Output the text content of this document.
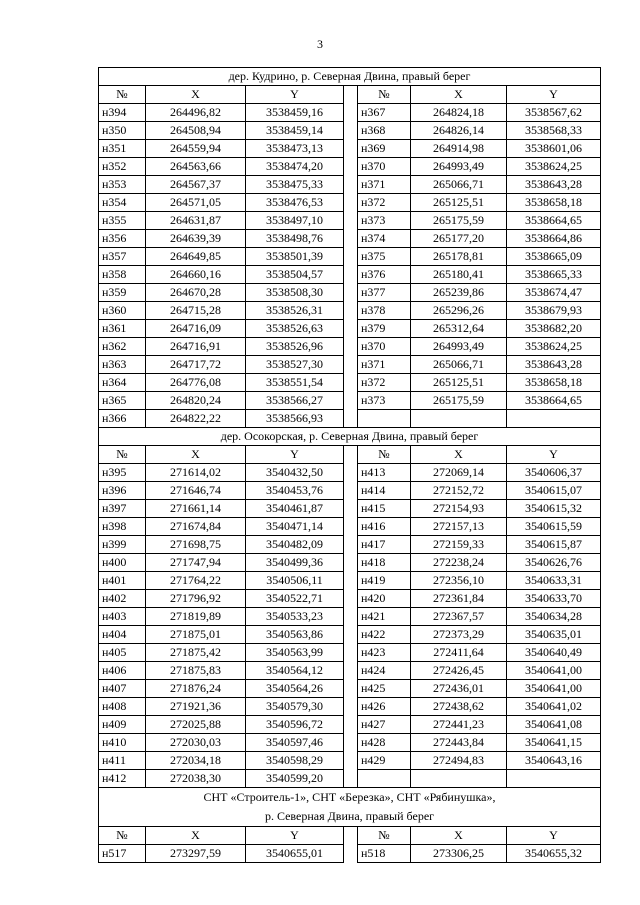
3
дер. Кудрино, р. Северная Двина, правый берег						
№	X	Y		№	X	Y
н394	264496,82	3538459,16		н367	264824,18	3538567,62
н350	264508,94	3538459,14		н368	264826,14	3538568,33
н351	264559,94	3538473,13		н369	264914,98	3538601,06
н352	264563,66	3538474,20		н370	264993,49	3538624,25
н353	264567,37	3538475,33		н371	265066,71	3538643,28
н354	264571,05	3538476,53		н372	265125,51	3538658,18
н355	264631,87	3538497,10		н373	265175,59	3538664,65
н356	264639,39	3538498,76		н374	265177,20	3538664,86
н357	264649,85	3538501,39		н375	265178,81	3538665,09
н358	264660,16	3538504,57		н376	265180,41	3538665,33
н359	264670,28	3538508,30		н377	265239,86	3538674,47
н360	264715,28	3538526,31		н378	265296,26	3538679,93
н361	264716,09	3538526,63		н379	265312,64	3538682,20
н362	264716,91	3538526,96		н370	264993,49	3538624,25
н363	264717,72	3538527,30		н371	265066,71	3538643,28
н364	264776,08	3538551,54		н372	265125,51	3538658,18
н365	264820,24	3538566,27		н373	265175,59	3538664,65
н366	264822,22	3538566,93				
дер. Осокорская, р. Северная Двина, правый берег						
№	X	Y		№	X	Y
н395	271614,02	3540432,50		н413	272069,14	3540606,37
н396	271646,74	3540453,76		н414	272152,72	3540615,07
н397	271661,14	3540461,87		н415	272154,93	3540615,32
н398	271674,84	3540471,14		н416	272157,13	3540615,59
н399	271698,75	3540482,09		н417	272159,33	3540615,87
н400	271747,94	3540499,36		н418	272238,24	3540626,76
н401	271764,22	3540506,11		н419	272356,10	3540633,31
н402	271796,92	3540522,71		н420	272361,84	3540633,70
н403	271819,89	3540533,23		н421	272367,57	3540634,28
н404	271875,01	3540563,86		н422	272373,29	3540635,01
н405	271875,42	3540563,99		н423	272411,64	3540640,49
н406	271875,83	3540564,12		н424	272426,45	3540641,00
н407	271876,24	3540564,26		н425	272436,01	3540641,00
н408	271921,36	3540579,30		н426	272438,62	3540641,02
н409	272025,88	3540596,72		н427	272441,23	3540641,08
н410	272030,03	3540597,46		н428	272443,84	3540641,15
н411	272034,18	3540598,29		н429	272494,83	3540643,16
н412	272038,30	3540599,20				
СНТ «Строитель-1», СНТ «Березка», СНТ «Рябинушка»,						
р. Северная Двина, правый берег						
№	X	Y		№	X	Y
н517	273297,59	3540655,01		н518	273306,25	3540655,32
